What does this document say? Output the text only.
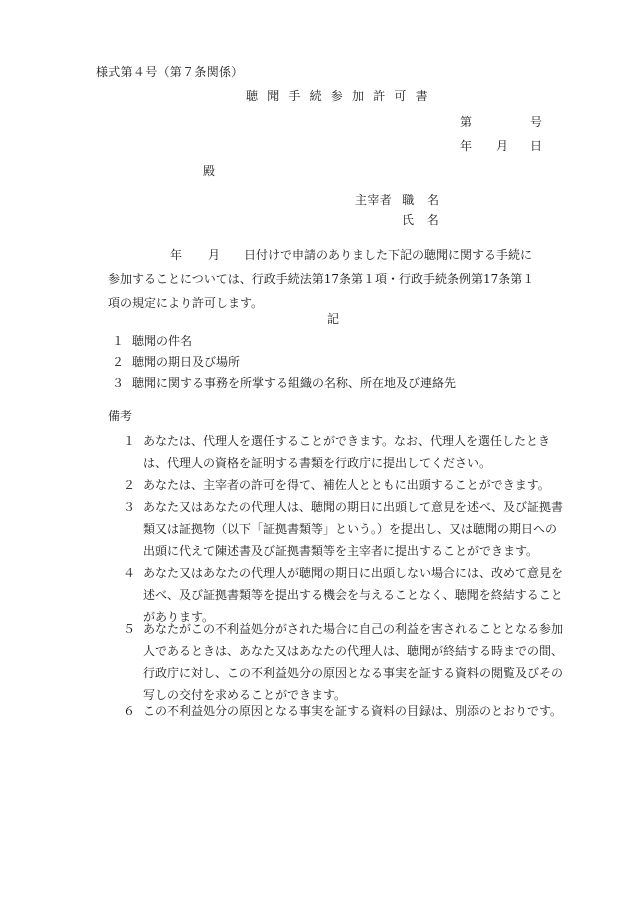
様式第４号（第７条関係）
聴聞手続参加許可書
第	号
年 月 日
殿
主宰者 職　名
氏　名
年 月 日付けで申請のありました下記の聴聞に関する手続に参加することについては、行政手続法第17条第１項・行政手続条例第17条第１項の規定により許可します。
記
１ 聴聞の件名
２ 聴聞の期日及び場所
３ 聴聞に関する事務を所掌する組織の名称、所在地及び連絡先
備考
１ あなたは、代理人を選任することができます。なお、代理人を選任したときは、代理人の資格を証明する書類を行政庁に提出してください。
２ あなたは、主宰者の許可を得て、補佐人とともに出頭することができます。
３ あなた又はあなたの代理人は、聴聞の期日に出頭して意見を述べ、及び証拠書類又は証拠物（以下「証拠書類等」という。）を提出し、又は聴聞の期日への出頭に代えて陳述書及び証拠書類等を主宰者に提出することができます。
４ あなた又はあなたの代理人が聴聞の期日に出頭しない場合には、改めて意見を述べ、及び証拠書類等を提出する機会を与えることなく、聴聞を終結することがあります。
５ あなたがこの不利益処分がされた場合に自己の利益を害されることとなる参加人であるときは、あなた又はあなたの代理人は、聴聞が終結する時までの間、行政庁に対し、この不利益処分の原因となる事実を証する資料の閲覧及びその写しの交付を求めることができます。
６ この不利益処分の原因となる事実を証する資料の目録は、別添のとおりです。
